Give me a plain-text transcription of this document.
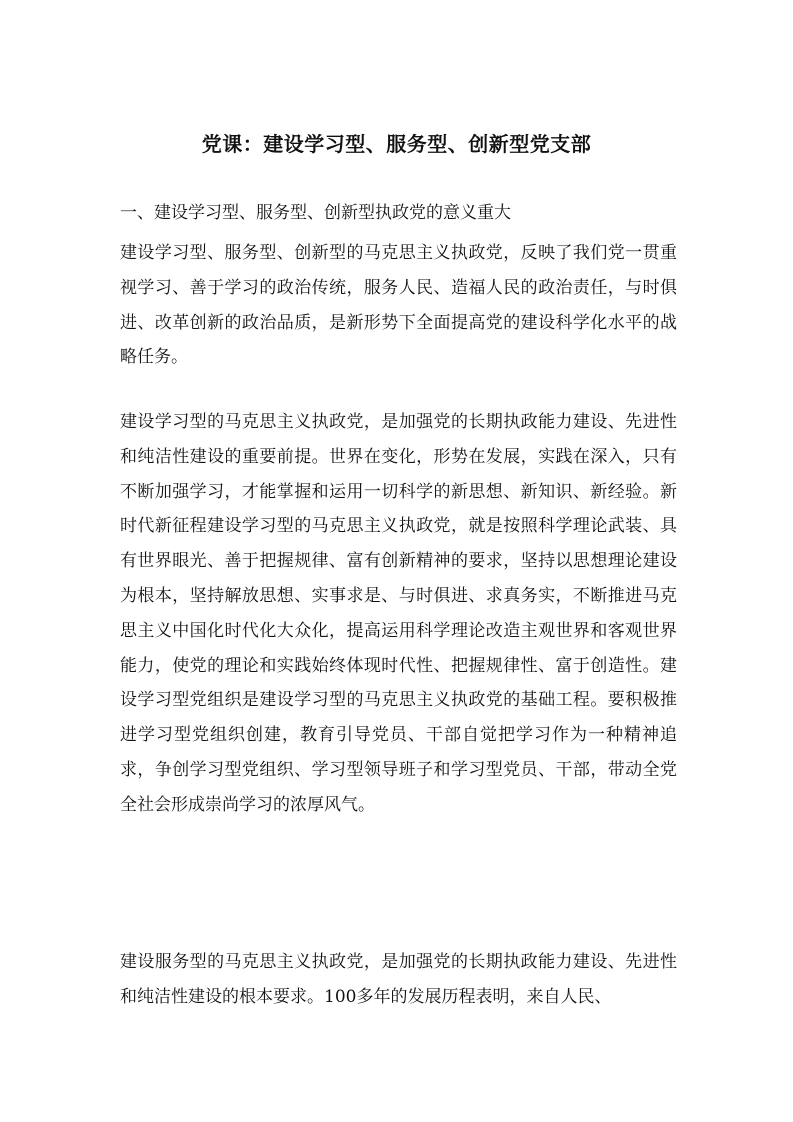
党课：建设学习型、服务型、创新型党支部

一、建设学习型、服务型、创新型执政党的意义重大

建设学习型、服务型、创新型的马克思主义执政党，反映了我们党一贯重视学习、善于学习的政治传统，服务人民、造福人民的政治责任，与时俱进、改革创新的政治品质，是新形势下全面提高党的建设科学化水平的战略任务。

建设学习型的马克思主义执政党，是加强党的长期执政能力建设、先进性和纯洁性建设的重要前提。世界在变化，形势在发展，实践在深入，只有不断加强学习，才能掌握和运用一切科学的新思想、新知识、新经验。新时代新征程建设学习型的马克思主义执政党，就是按照科学理论武装、具有世界眼光、善于把握规律、富有创新精神的要求，坚持以思想理论建设为根本，坚持解放思想、实事求是、与时俱进、求真务实，不断推进马克思主义中国化时代化大众化，提高运用科学理论改造主观世界和客观世界能力，使党的理论和实践始终体现时代性、把握规律性、富于创造性。建设学习型党组织是建设学习型的马克思主义执政党的基础工程。要积极推进学习型党组织创建，教育引导党员、干部自觉把学习作为一种精神追求，争创学习型党组织、学习型领导班子和学习型党员、干部，带动全党全社会形成崇尚学习的浓厚风气。

建设服务型的马克思主义执政党，是加强党的长期执政能力建设、先进性和纯洁性建设的根本要求。100多年的发展历程表明，来自人民、
